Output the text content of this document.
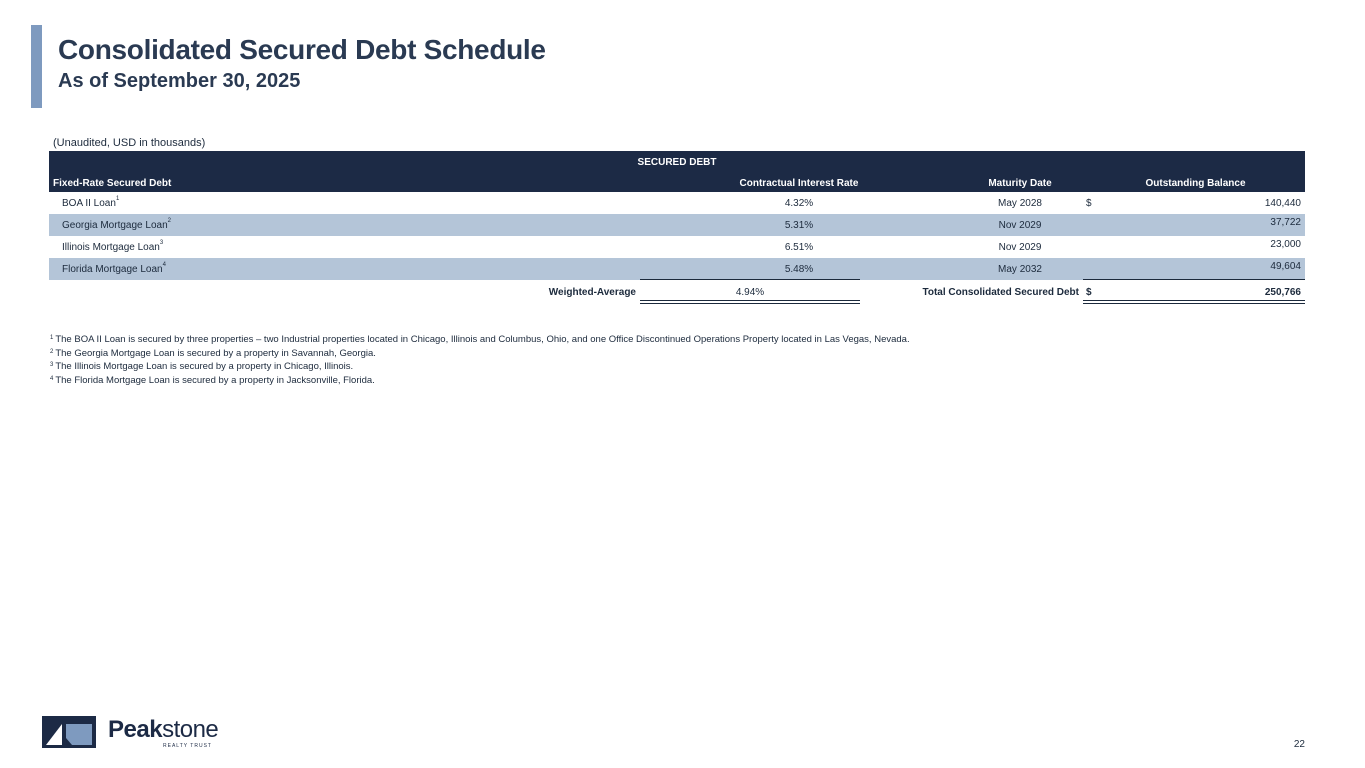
Consolidated Secured Debt Schedule
As of September 30, 2025
(Unaudited, USD in thousands)
SECURED DEBT
Fixed-Rate Secured Debt	Contractual Interest Rate	Maturity Date	Outstanding Balance
BOA II Loan$^1$	4.32%	May 2028	$	140,440
Georgia Mortgage Loan$^2$	5.31%	Nov 2029	37,722
Illinois Mortgage Loan$^3$	6.51%	Nov 2029	23,000
Florida Mortgage Loan$^4$	5.48%	May 2032	49,604
Weighted-Average	4.94%	Total Consolidated Secured Debt $	250,766
$^1$ The BOA II Loan is secured by three properties – two Industrial properties located in Chicago, Illinois and Columbus, Ohio, and one Office Discontinued Operations Property located in Las Vegas, Nevada.
$^2$ The Georgia Mortgage Loan is secured by a property in Savannah, Georgia.
$^3$ The Illinois Mortgage Loan is secured by a property in Chicago, Illinois.
$^4$ The Florida Mortgage Loan is secured by a property in Jacksonville, Florida.
Peakstone
REALTY TRUST	22
